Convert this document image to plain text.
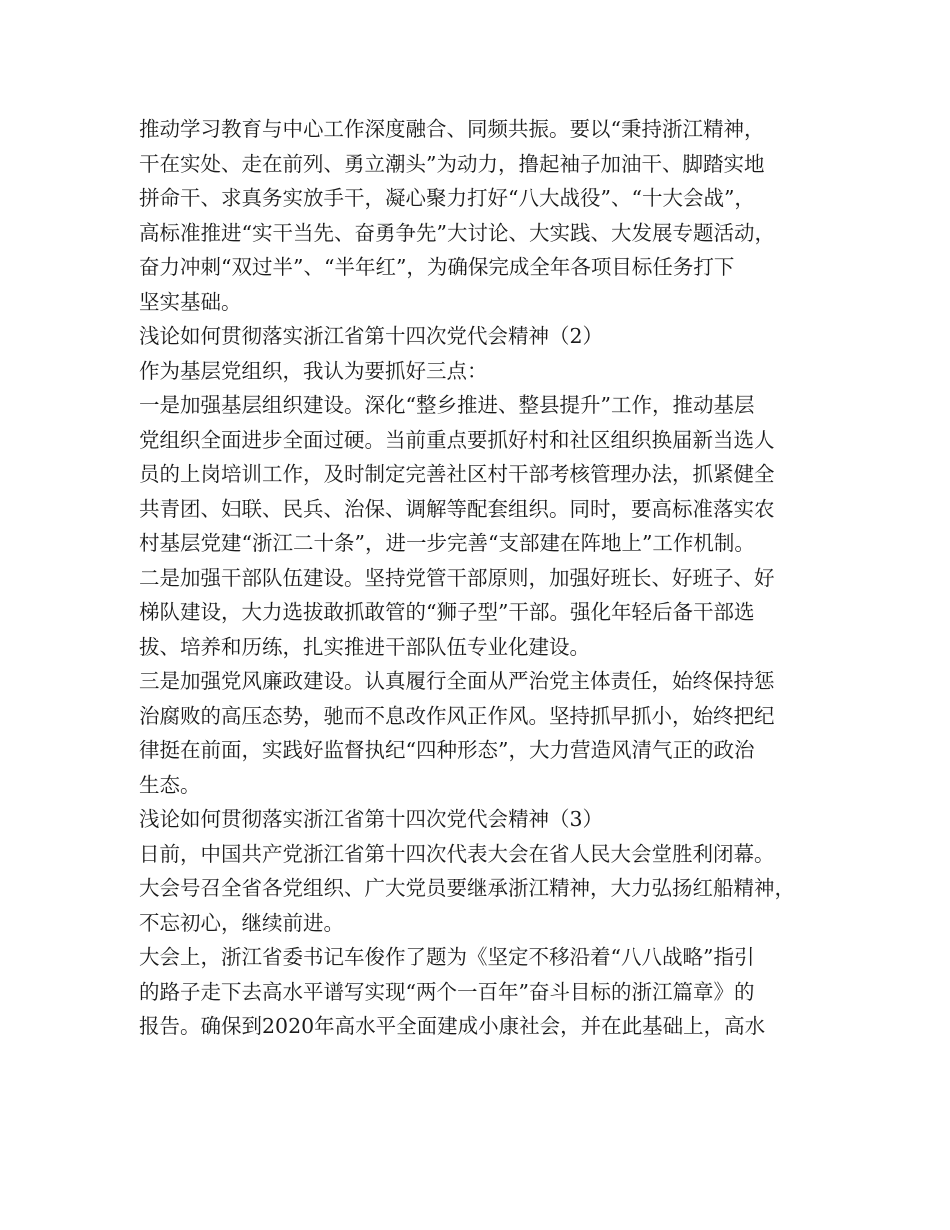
推动学习教育与中心工作深度融合、同频共振。要以“秉持浙江精神，
干在实处、走在前列、勇立潮头”为动力，撸起袖子加油干、脚踏实地
拼命干、求真务实放手干，凝心聚力打好“八大战役”、“十大会战”，
高标准推进“实干当先、奋勇争先”大讨论、大实践、大发展专题活动，
奋力冲刺“双过半”、“半年红”，为确保完成全年各项目标任务打下
坚实基础。
浅论如何贯彻落实浙江省第十四次党代会精神（2）
作为基层党组织，我认为要抓好三点：
一是加强基层组织建设。深化“整乡推进、整县提升”工作，推动基层
党组织全面进步全面过硬。当前重点要抓好村和社区组织换届新当选人
员的上岗培训工作，及时制定完善社区村干部考核管理办法，抓紧健全
共青团、妇联、民兵、治保、调解等配套组织。同时，要高标准落实农
村基层党建“浙江二十条”，进一步完善“支部建在阵地上”工作机制。
二是加强干部队伍建设。坚持党管干部原则，加强好班长、好班子、好
梯队建设，大力选拔敢抓敢管的“狮子型”干部。强化年轻后备干部选
拔、培养和历练，扎实推进干部队伍专业化建设。
三是加强党风廉政建设。认真履行全面从严治党主体责任，始终保持惩
治腐败的高压态势，驰而不息改作风正作风。坚持抓早抓小，始终把纪
律挺在前面，实践好监督执纪“四种形态”，大力营造风清气正的政治
生态。
浅论如何贯彻落实浙江省第十四次党代会精神（3）
日前，中国共产党浙江省第十四次代表大会在省人民大会堂胜利闭幕。
大会号召全省各党组织、广大党员要继承浙江精神，大力弘扬红船精神，
不忘初心，继续前进。
大会上，浙江省委书记车俊作了题为《坚定不移沿着“八八战略”指引
的路子走下去高水平谱写实现“两个一百年”奋斗目标的浙江篇章》的
报告。确保到2020年高水平全面建成小康社会，并在此基础上，高水
